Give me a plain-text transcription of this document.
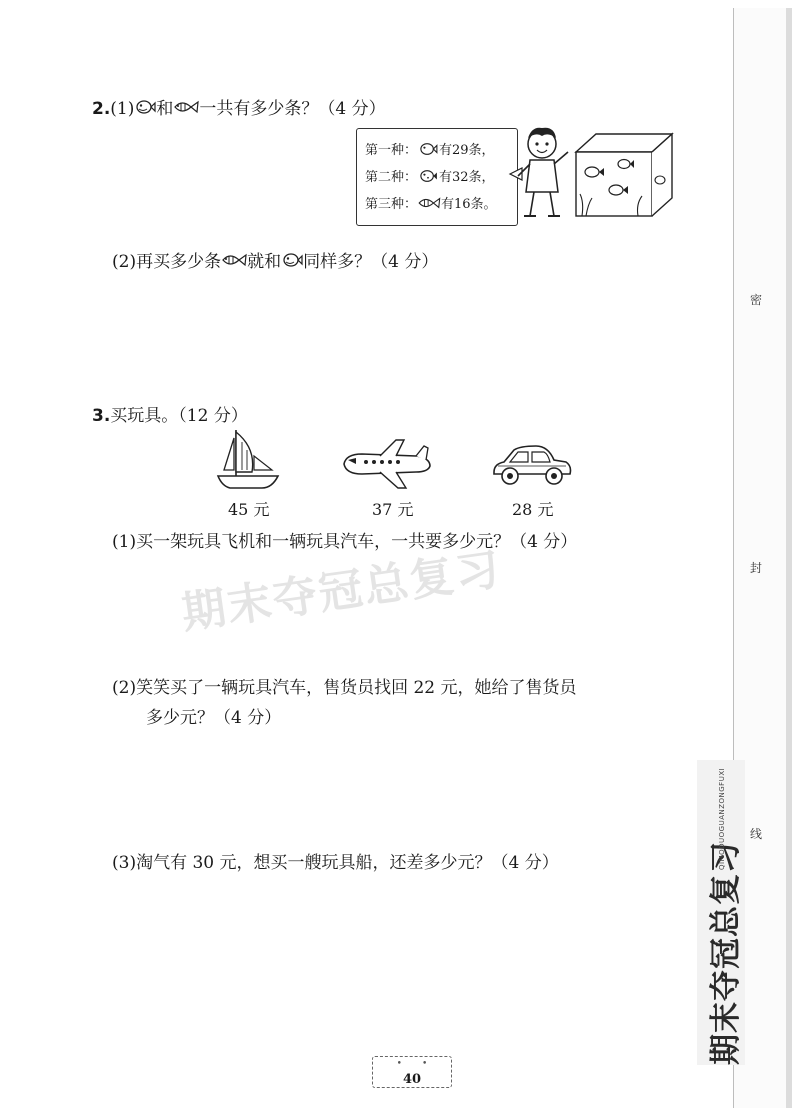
期末夺冠总复习
密
封
线
期末夺冠总复习
QIMODUOGUANZONGFUXI
2.(1) 和 一共有多少条？（4 分）
第一种： 有29条，
第二种： 有32条，
第三种： 有16条。
(2)再买多少条 就和 同样多？（4 分）
3.买玩具。（12 分）
45 元	37 元	28 元
(1)买一架玩具飞机和一辆玩具汽车，一共要多少元？（4 分）
(2)笑笑买了一辆玩具汽车，售货员找回 22 元，她给了售货员
多少元？（4 分）
(3)淘气有 30 元，想买一艘玩具船，还差多少元？（4 分）
•       •
40
